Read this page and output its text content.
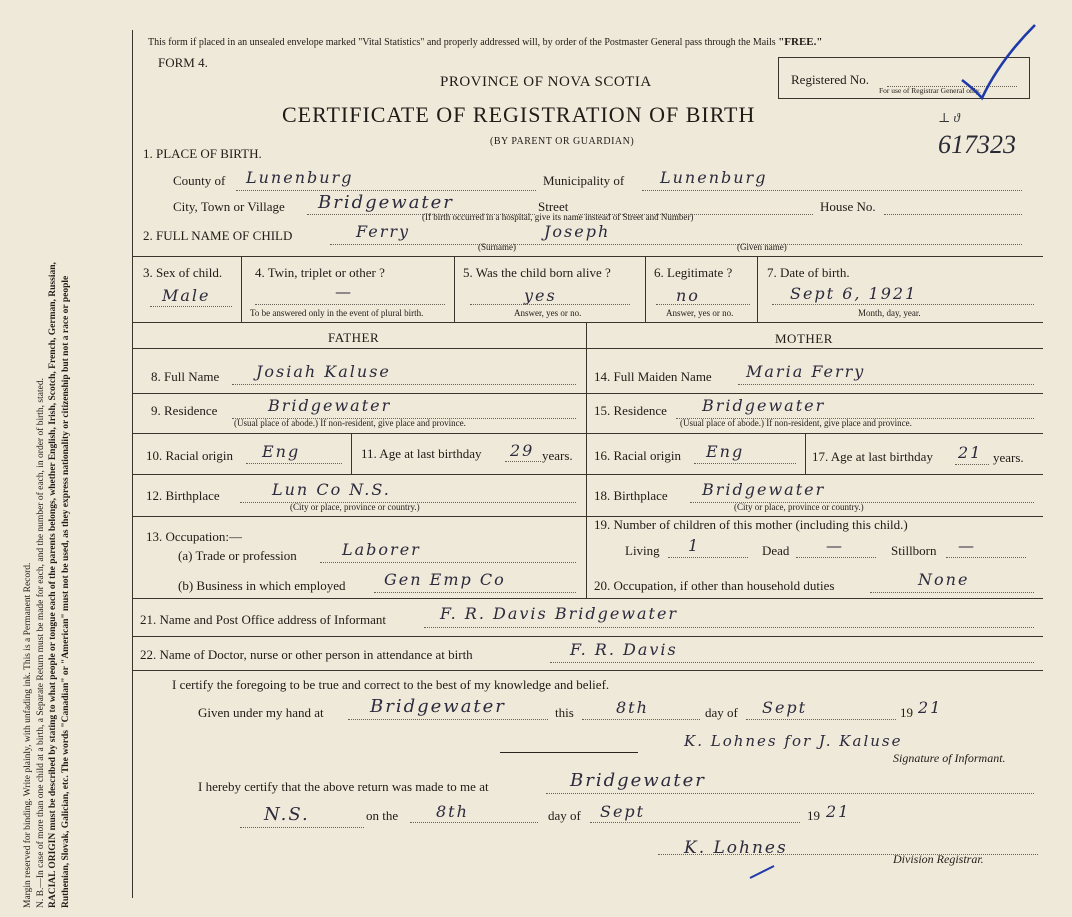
Margin reserved for binding. Write plainly, with unfading ink. This is a Permanent Record. N. B.—In case of more than one child at a birth, a Separate Return must be made for each, and the number of each, in order of birth, stated. RACIAL ORIGIN must be described by stating to what people or tongue each of the parents belongs, whether English, Irish, Scotch, French, German, Russian, Ruthenian, Slovak, Galician, etc. The words "Canadian" or "American" must not be used, as they express nationality or citizenship but not a race or people
This form if placed in an unsealed envelope marked "Vital Statistics" and properly addressed will, by order of the Postmaster General pass through the Mails "FREE."
FORM 4.
PROVINCE OF NOVA SCOTIA
CERTIFICATE OF REGISTRATION OF BIRTH
(BY PARENT OR GUARDIAN)
Registered No.
For use of Registrar General only.
⊥ ϑ
617323
1. PLACE OF BIRTH.
County of Lunenburg	Municipality of Lunenburg
City, Town or Village Bridgewater	Street	House No.
(If birth occurred in a hospital, give its name instead of Street and Number)
2. FULL NAME OF CHILD	Ferry	Joseph
(Surname)	(Given name)
3. Sex of child.
Male
4. Twin, triplet or other ?
—
To be answered only in the event of plural birth.
5. Was the child born alive ?
yes
Answer, yes or no.
6. Legitimate ?
no
Answer, yes or no.
7. Date of birth.
Sept 6, 1921
Month, day, year.
FATHER	MOTHER
8. Full Name Josiah Kaluse
9. Residence	Bridgewater
(Usual place of abode.) If non-resident, give place and province.
10. Racial origin Eng	11. Age at last birthday 29 years.
12. Birthplace	Lun Co N.S.
(City or place, province or country.)
13. Occupation:—
(a) Trade or profession	Laborer
(b) Business in which employed Gen Emp Co
14. Full Maiden Name Maria Ferry
15. Residence Bridgewater
(Usual place of abode.) If non-resident, give place and province.
16. Racial origin Eng	17. Age at last birthday 21 years.
18. Birthplace Bridgewater
(City or place, province or country.)
19. Number of children of this mother (including this child.)
Living 1	Dead —	Stillborn —
20. Occupation, if other than household duties	None
21. Name and Post Office address of Informant	F. R. Davis Bridgewater
22. Name of Doctor, nurse or other person in attendance at birth	F. R. Davis
I certify the foregoing to be true and correct to the best of my knowledge and belief.
Given under my hand at	Bridgewater	this	8th	day of Sept	19 21
K. Lohnes for J. Kaluse
Signature of Informant.
I hereby certify that the above return was made to me at	Bridgewater
N.S.	on the 8th	day of Sept	19 21
K. Lohnes
Division Registrar.
